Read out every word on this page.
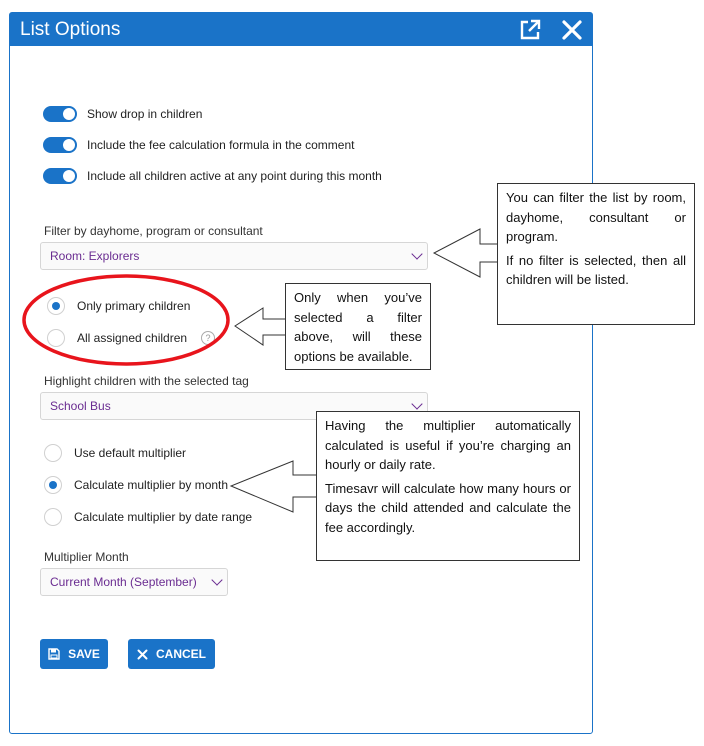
List Options
Show drop in children
Include the fee calculation formula in the comment
Include all children active at any point during this month
Filter by dayhome, program or consultant
Room: Explorers
Only primary children
All assigned children	?
Highlight children with the selected tag
School Bus
Use default multiplier
Calculate multiplier by month
Calculate multiplier by date range
Multiplier Month
Current Month (September)
SAVE	CANCEL

You can filter the list by room, dayhome, consultant or program.

If no filter is selected, then all children will be listed.

Only when you’ve selected a filter above, will these options be available.

Having the multiplier automatically calculated is useful if you’re charging an hourly or daily rate.

Timesavr will calculate how many hours or days the child attended and calculate the fee accordingly.
